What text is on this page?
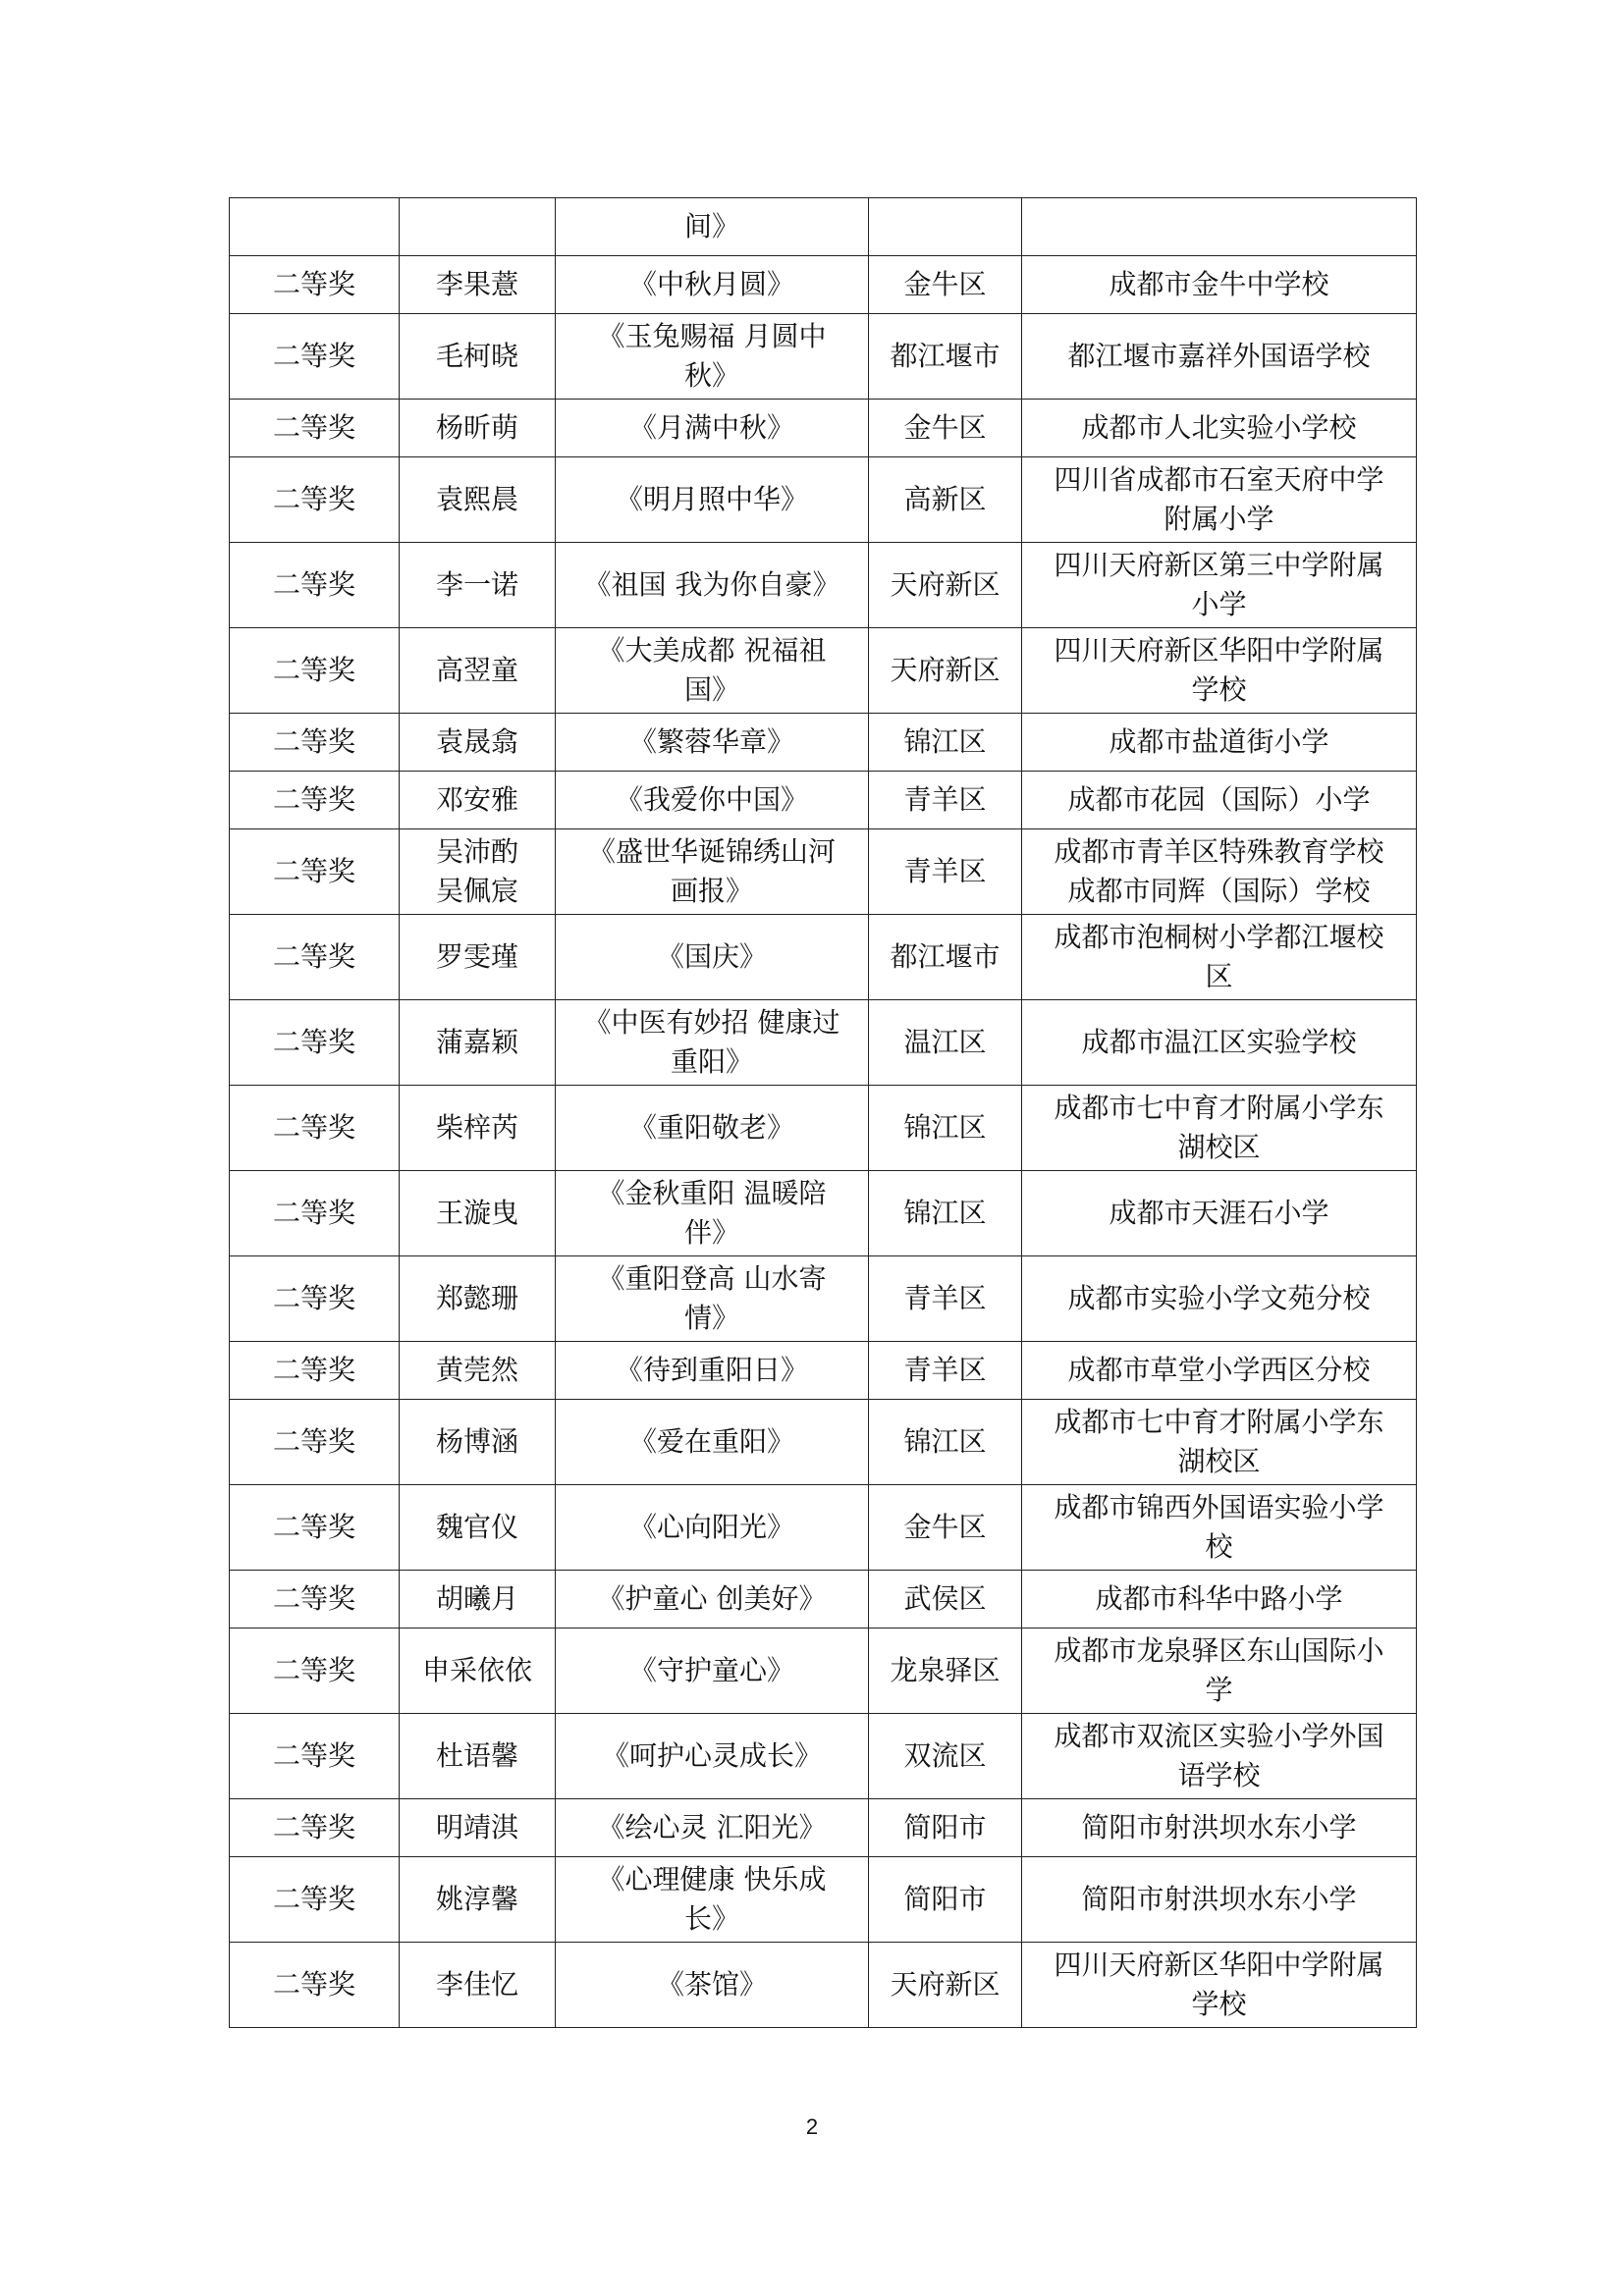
		间》		

二等奖	李果薏	《中秋月圆》	金牛区	成都市金牛中学校

二等奖	毛柯晓	《玉兔赐福 月圆中
秋》	都江堰市	都江堰市嘉祥外国语学校

二等奖	杨昕萌	《月满中秋》	金牛区	成都市人北实验小学校

二等奖	袁熙晨	《明月照中华》	高新区	四川省成都市石室天府中学
附属小学

二等奖	李一诺	《祖国 我为你自豪》	天府新区	四川天府新区第三中学附属
小学

二等奖	高翌童	《大美成都 祝福祖
国》	天府新区	四川天府新区华阳中学附属
学校

二等奖	袁晟翕	《繁蓉华章》	锦江区	成都市盐道街小学

二等奖	邓安雅	《我爱你中国》	青羊区	成都市花园（国际）小学

二等奖	吴沛酌
吴佩宸	《盛世华诞锦绣山河
画报》	青羊区	成都市青羊区特殊教育学校
成都市同辉（国际）学校

二等奖	罗雯瑾	《国庆》	都江堰市	成都市泡桐树小学都江堰校
区

二等奖	蒲嘉颖	《中医有妙招 健康过
重阳》	温江区	成都市温江区实验学校

二等奖	柴梓芮	《重阳敬老》	锦江区	成都市七中育才附属小学东
湖校区

二等奖	王漩曳	《金秋重阳 温暖陪
伴》	锦江区	成都市天涯石小学

二等奖	郑懿珊	《重阳登高 山水寄
情》	青羊区	成都市实验小学文苑分校

二等奖	黄莞然	《待到重阳日》	青羊区	成都市草堂小学西区分校

二等奖	杨博涵	《爱在重阳》	锦江区	成都市七中育才附属小学东
湖校区

二等奖	魏官仪	《心向阳光》	金牛区	成都市锦西外国语实验小学
校

二等奖	胡曦月	《护童心 创美好》	武侯区	成都市科华中路小学

二等奖	申采依依	《守护童心》	龙泉驿区	成都市龙泉驿区东山国际小
学

二等奖	杜语馨	《呵护心灵成长》	双流区	成都市双流区实验小学外国
语学校

二等奖	明靖淇	《绘心灵 汇阳光》	简阳市	简阳市射洪坝水东小学

二等奖	姚淳馨	《心理健康 快乐成
长》	简阳市	简阳市射洪坝水东小学

二等奖	李佳忆	《茶馆》	天府新区	四川天府新区华阳中学附属
学校
2
